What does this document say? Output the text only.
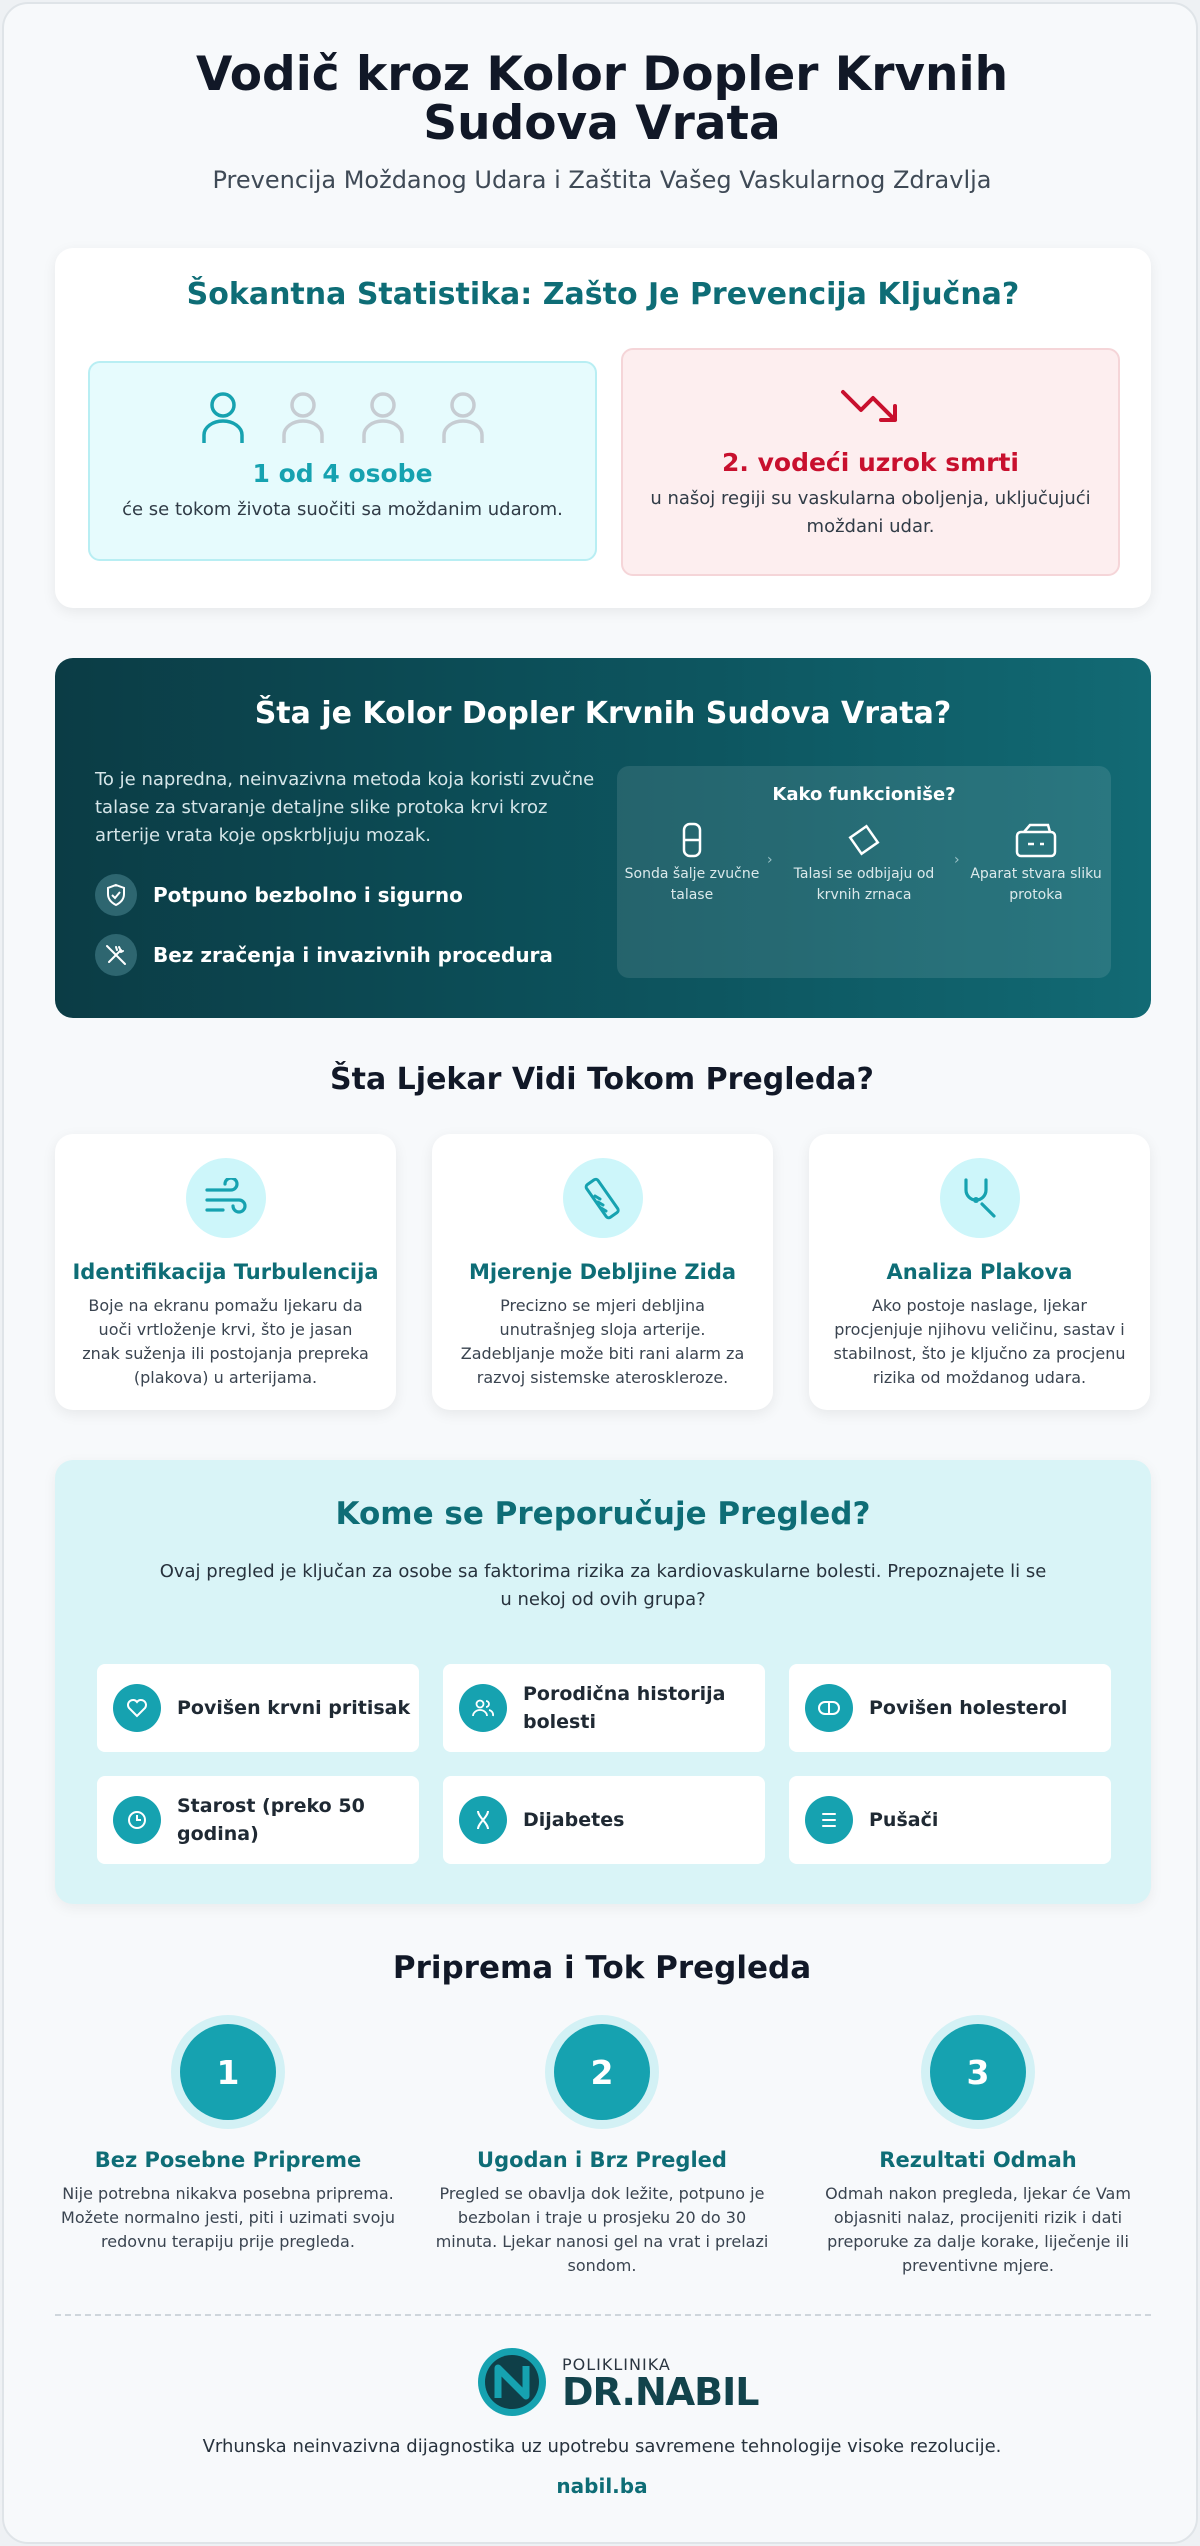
Vodič kroz Kolor Dopler Krvnih Sudova Vrata

Prevencija Moždanog Udara i Zaštita Vašeg Vaskularnog Zdravlja

Šokantna Statistika: Zašto Je Prevencija Ključna?
1 od 4 osobe
će se tokom života suočiti sa moždanim udarom.
2. vodeći uzrok smrti
u našoj regiji su vaskularna oboljenja, uključujući moždani udar.
Šta je Kolor Dopler Krvnih Sudova Vrata?
To je napredna, neinvazivna metoda koja koristi zvučne talase za stvaranje detaljne slike protoka krvi kroz arterije vrata koje opskrbljuju mozak.
Potpuno bezbolno i sigurno
Bez zračenja i invazivnih procedura
Kako funkcioniše?
Sonda šalje zvučne talase
›
Talasi se odbijaju od krvnih zrnaca
›
Aparat stvara sliku protoka
Šta Ljekar Vidi Tokom Pregleda?
Identifikacija Turbulencija

Boje na ekranu pomažu ljekaru da uoči vrtloženje krvi, što je jasan znak suženja ili postojanja prepreka (plakova) u arterijama.

Mjerenje Debljine Zida

Precizno se mjeri debljina unutrašnjeg sloja arterije. Zadebljanje može biti rani alarm za razvoj sistemske ateroskleroze.

Analiza Plakova

Ako postoje naslage, ljekar procjenjuje njihovu veličinu, sastav i stabilnost, što je ključno za procjenu rizika od moždanog udara.

Kome se Preporučuje Pregled?
Ovaj pregled je ključan za osobe sa faktorima rizika za kardiovaskularne bolesti. Prepoznajete li se u nekoj od ovih grupa?
Povišen krvni pritisak
Porodična historija bolesti
Povišen holesterol
Starost (preko 50 godina)
Dijabetes	Pušači
Priprema i Tok Pregleda
1
Bez Posebne Pripreme

Nije potrebna nikakva posebna priprema. Možete normalno jesti, piti i uzimati svoju redovnu terapiju prije pregleda.

2
Ugodan i Brz Pregled

Pregled se obavlja dok ležite, potpuno je bezbolan i traje u prosjeku 20 do 30 minuta. Ljekar nanosi gel na vrat i prelazi sondom.

3
Rezultati Odmah

Odmah nakon pregleda, ljekar će Vam objasniti nalaz, procijeniti rizik i dati preporuke za dalje korake, liječenje ili preventivne mjere.

POLIKLINIKA
DR.NABIL
Vrhunska neinvazivna dijagnostika uz upotrebu savremene tehnologije visoke rezolucije.
nabil.ba
